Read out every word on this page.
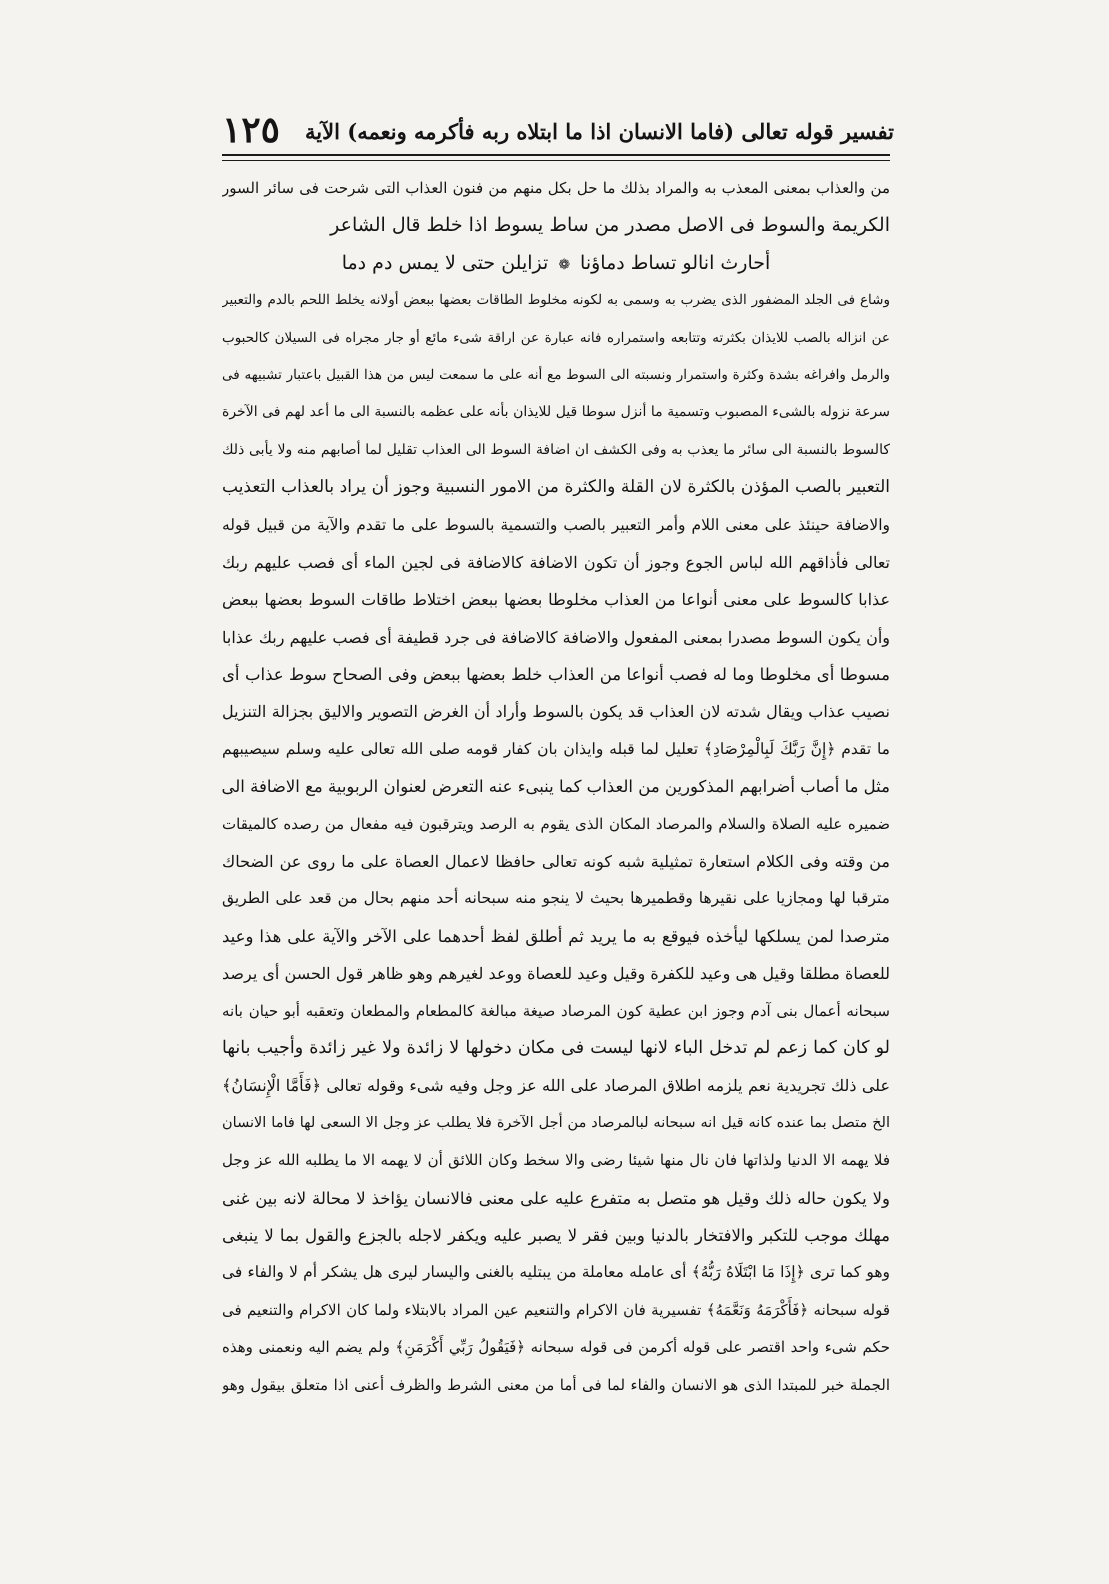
١٢٥ تفسير قوله تعالى (فاما الانسان اذا ما ابتلاه ربه فأكرمه ونعمه) الآية
من والعذاب بمعنى المعذب به والمراد بذلك ما حل بكل منهم من فنون العذاب التى شرحت فى سائر السور
الكريمة والسوط فى الاصل مصدر من ساط يسوط اذا خلط قال الشاعر
أحارث انالو تساط دماؤنا❁تزايلن حتى لا يمس دم دما
وشاع فى الجلد المضفور الذى يضرب به وسمى به لكونه مخلوط الطاقات بعضها ببعض أولانه يخلط اللحم بالدم والتعبير
عن انزاله بالصب للايذان بكثرته وتتابعه واستمراره فانه عبارة عن اراقة شىء مائع أو جار مجراه فى السيلان كالحبوب
والرمل وافراغه بشدة وكثرة واستمرار ونسبته الى السوط مع أنه على ما سمعت ليس من هذا القبيل باعتبار تشبيهه فى
سرعة نزوله بالشىء المصبوب وتسمية ما أنزل سوطا قيل للايذان بأنه على عظمه بالنسبة الى ما أعد لهم فى الآخرة
كالسوط بالنسبة الى سائر ما يعذب به وفى الكشف ان اضافة السوط الى العذاب تقليل لما أصابهم منه ولا يأبى ذلك
التعبير بالصب المؤذن بالكثرة لان القلة والكثرة من الامور النسبية وجوز أن يراد بالعذاب التعذيب
والاضافة حينئذ على معنى اللام وأمر التعبير بالصب والتسمية بالسوط على ما تقدم والآية من قبيل قوله
تعالى فأذاقهم الله لباس الجوع وجوز أن تكون الاضافة كالاضافة فى لجين الماء أى فصب عليهم ربك
عذابا كالسوط على معنى أنواعا من العذاب مخلوطا بعضها ببعض اختلاط طاقات السوط بعضها ببعض
وأن يكون السوط مصدرا بمعنى المفعول والاضافة كالاضافة فى جرد قطيفة أى فصب عليهم ربك عذابا
مسوطا أى مخلوطا وما له فصب أنواعا من العذاب خلط بعضها ببعض وفى الصحاح سوط عذاب أى
نصيب عذاب ويقال شدته لان العذاب قد يكون بالسوط وأراد أن الغرض التصوير والاليق بجزالة التنزيل
ما تقدم ﴿إِنَّ رَبَّكَ لَبِالْمِرْصَادِ﴾ تعليل لما قبله وايذان بان كفار قومه صلى الله تعالى عليه وسلم سيصيبهم
مثل ما أصاب أضرابهم المذكورين من العذاب كما ينبىء عنه التعرض لعنوان الربوبية مع الاضافة الى
ضميره عليه الصلاة والسلام والمرصاد المكان الذى يقوم به الرصد ويترقبون فيه مفعال من رصده كالميقات
من وقته وفى الكلام استعارة تمثيلية شبه كونه تعالى حافظا لاعمال العصاة على ما روى عن الضحاك
مترقبا لها ومجازيا على نقيرها وقطميرها بحيث لا ينجو منه سبحانه أحد منهم بحال من قعد على الطريق
مترصدا لمن يسلكها ليأخذه فيوقع به ما يريد ثم أطلق لفظ أحدهما على الآخر والآية على هذا وعيد
للعصاة مطلقا وقيل هى وعيد للكفرة وقيل وعيد للعصاة ووعد لغيرهم وهو ظاهر قول الحسن أى يرصد
سبحانه أعمال بنى آدم وجوز ابن عطية كون المرصاد صيغة مبالغة كالمطعام والمطعان وتعقبه أبو حيان بانه
لو كان كما زعم لم تدخل الباء لانها ليست فى مكان دخولها لا زائدة ولا غير زائدة وأجيب بانها
على ذلك تجريدية نعم يلزمه اطلاق المرصاد على الله عز وجل وفيه شىء وقوله تعالى ﴿فَأَمَّا الْإِنسَانُ﴾
الخ متصل بما عنده كانه قيل انه سبحانه لبالمرصاد من أجل الآخرة فلا يطلب عز وجل الا السعى لها فاما الانسان
فلا يهمه الا الدنيا ولذاتها فان نال منها شيئا رضى والا سخط وكان اللائق أن لا يهمه الا ما يطلبه الله عز وجل
ولا يكون حاله ذلك وقيل هو متصل به متفرع عليه على معنى فالانسان يؤاخذ لا محالة لانه بين غنى
مهلك موجب للتكبر والافتخار بالدنيا وبين فقر لا يصبر عليه ويكفر لاجله بالجزع والقول بما لا ينبغى
وهو كما ترى ﴿إِذَا مَا ابْتَلَاهُ رَبُّهُ﴾ أى عامله معاملة من يبتليه بالغنى واليسار ليرى هل يشكر أم لا والفاء فى
قوله سبحانه ﴿فَأَكْرَمَهُ وَنَعَّمَهُ﴾ تفسيرية فان الاكرام والتنعيم عين المراد بالابتلاء ولما كان الاكرام والتنعيم فى
حكم شىء واحد اقتصر على قوله أكرمن فى قوله سبحانه ﴿فَيَقُولُ رَبِّي أَكْرَمَنِ﴾ ولم يضم اليه ونعمنى وهذه
الجملة خبر للمبتدا الذى هو الانسان والفاء لما فى أما من معنى الشرط والظرف أعنى اذا متعلق بيقول وهو
